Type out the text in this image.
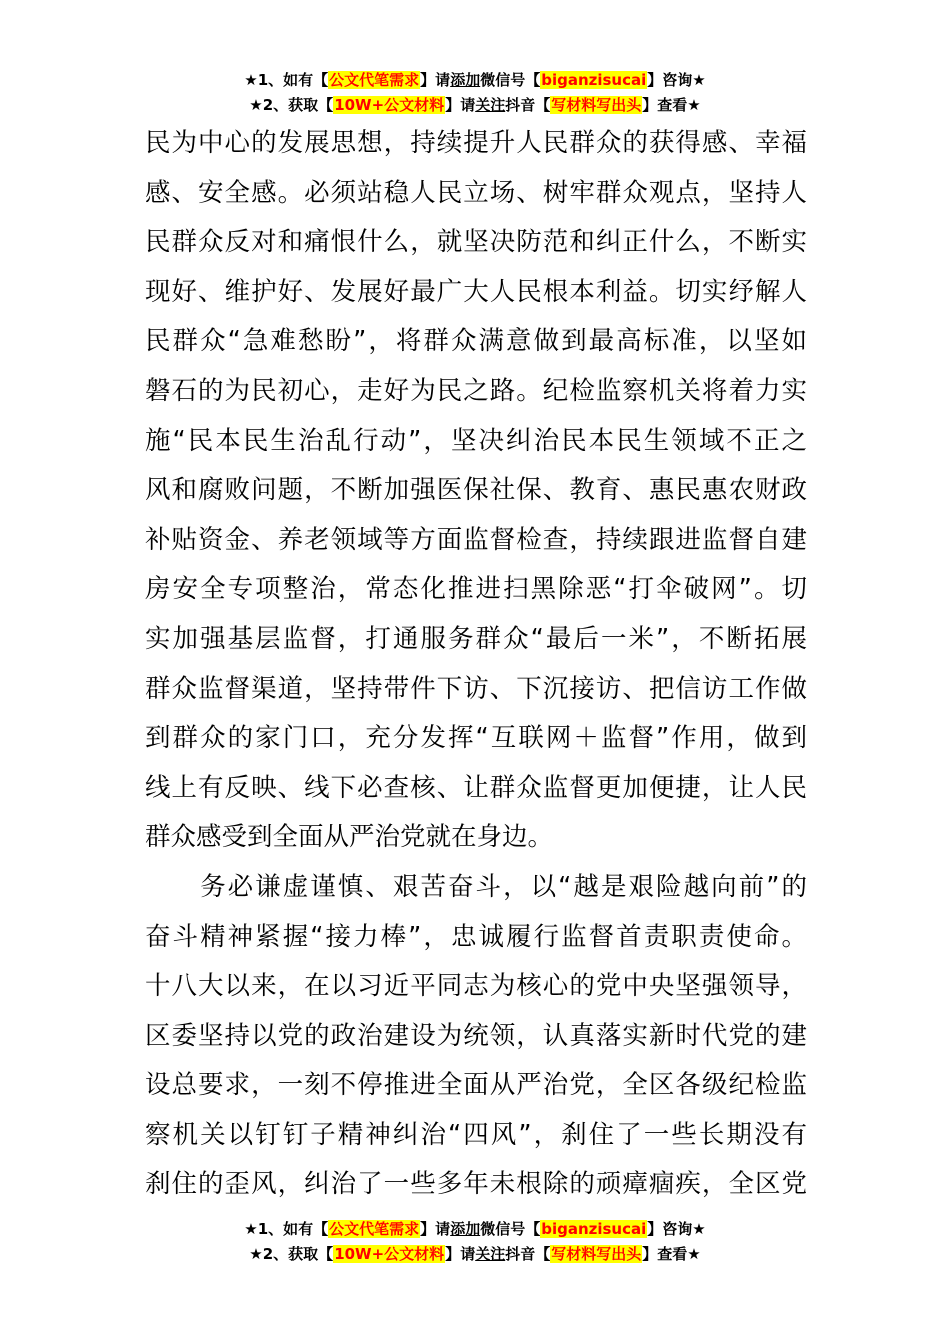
★1、如有【公文代笔需求】请添加微信号【biganzisucai】咨询★
★2、获取【10W+公文材料】请关注抖音【写材料写出头】查看★
民为中心的发展思想，持续提升人民群众的获得感、幸福
感、安全感。必须站稳人民立场、树牢群众观点，坚持人
民群众反对和痛恨什么，就坚决防范和纠正什么，不断实
现好、维护好、发展好最广大人民根本利益。切实纾解人
民群众“急难愁盼”，将群众满意做到最高标准，以坚如
磐石的为民初心，走好为民之路。纪检监察机关将着力实
施“民本民生治乱行动”，坚决纠治民本民生领域不正之
风和腐败问题，不断加强医保社保、教育、惠民惠农财政
补贴资金、养老领域等方面监督检查，持续跟进监督自建
房安全专项整治，常态化推进扫黑除恶“打伞破网”。切
实加强基层监督，打通服务群众“最后一米”，不断拓展
群众监督渠道，坚持带件下访、下沉接访、把信访工作做
到群众的家门口，充分发挥“互联网＋监督”作用，做到
线上有反映、线下必查核、让群众监督更加便捷，让人民
群众感受到全面从严治党就在身边。
　　务必谦虚谨慎、艰苦奋斗，以“越是艰险越向前”的
奋斗精神紧握“接力棒”，忠诚履行监督首责职责使命。
十八大以来，在以习近平同志为核心的党中央坚强领导，
区委坚持以党的政治建设为统领，认真落实新时代党的建
设总要求，一刻不停推进全面从严治党，全区各级纪检监
察机关以钉钉子精神纠治“四风”，刹住了一些长期没有
刹住的歪风，纠治了一些多年未根除的顽瘴痼疾，全区党
★1、如有【公文代笔需求】请添加微信号【biganzisucai】咨询★
★2、获取【10W+公文材料】请关注抖音【写材料写出头】查看★
